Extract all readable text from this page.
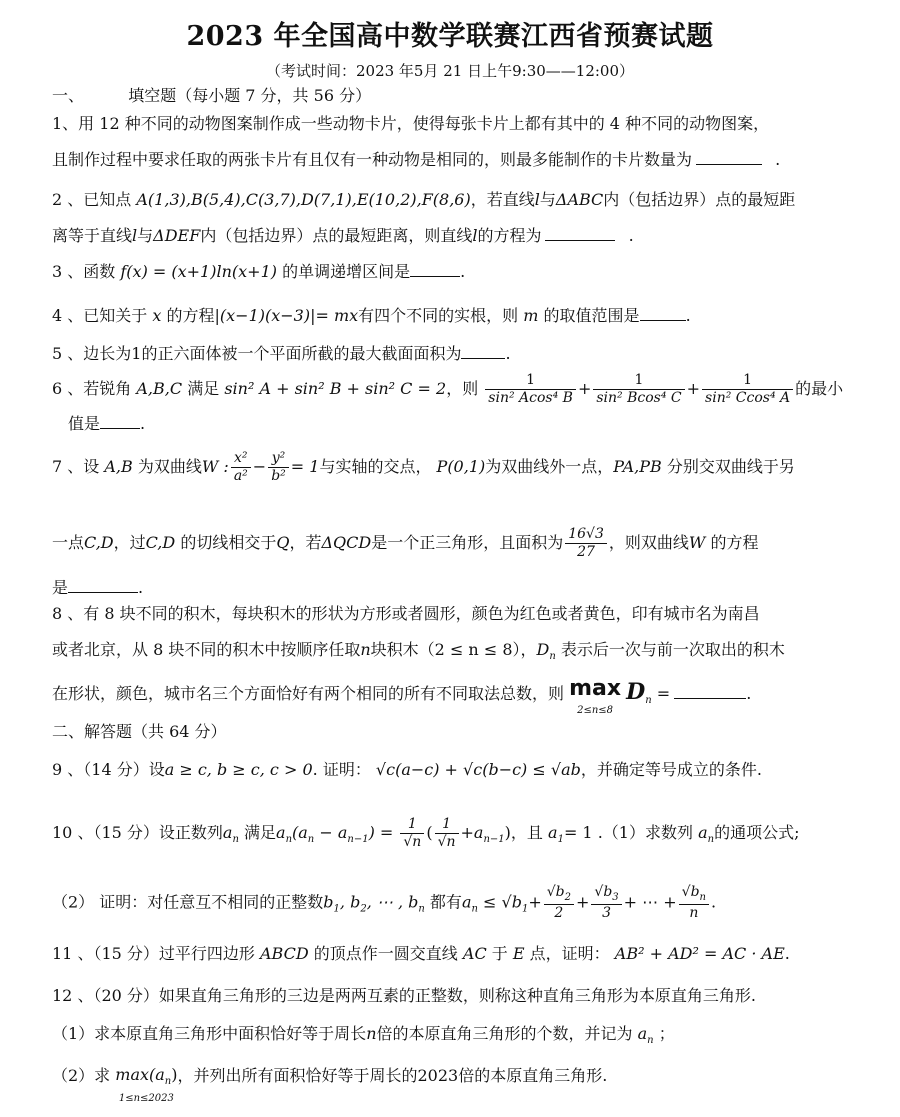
2023 年全国高中数学联赛江西省预赛试题
（考试时间：2023 年5月 21 日上午9:30——12:00）
一、	填空题（每小题 7 分，共 56 分）
1、用 12 种不同的动物图案制作成一些动物卡片，使得每张卡片上都有其中的 4 种不同的动物图案，
且制作过程中要求任取的两张卡片有且仅有一种动物是相同的，则最多能制作的卡片数量为	.
2 、已知点 A(1,3),B(5,4),C(3,7),D(7,1),E(10,2),F(8,6)，若直线l与ΔABC内（包括边界）点的最短距
离等于直线l与ΔDEF内（包括边界）点的最短距离，则直线l的方程为	.
3 、函数 f(x) = (x+1)ln(x+1) 的单调递增区间是	.
4 、已知关于 x 的方程|(x−1)(x−3)|= mx有四个不同的实根，则 m 的取值范围是	.
5 、边长为1的正六面体被一个平面所截的最大截面面积为	.
6 、若锐角 A,B,C 满足 sin² A + sin² B + sin² C = 2，则 $\frac{1}{\text{sin² Acos⁴ B}} + \frac{1}{\text{sin² Bcos⁴ C}} + \frac{1}{\text{sin² Ccos⁴ A}}$ 的最小
值是	.
7 、设 A,B 为双曲线W : $\frac{\text{x²}}{\text{a²}} - \frac{\text{y²}}{\text{b²}} = 1$与实轴的交点， P(0,1)为双曲线外一点，PA,PB 分别交双曲线于另
一点C,D，过C,D 的切线相交于Q，若ΔQCD是一个正三角形，且面积为 $\frac{16√3}{27}$ ，则双曲线W 的方程
是	.
8 、有 8 块不同的积木，每块积木的形状为方形或者圆形，颜色为红色或者黄色，印有城市名为南昌
或者北京，从 8 块不同的积木中按顺序任取n块积木（2 ≤ n ≤ 8），$D_n$ 表示后一次与前一次取出的积木
在形状，颜色，城市名三个方面恰好有两个相同的所有不同取法总数，则 max
2≤n≤8 $D_n$ =	.
二、解答题（共 64 分）
9 、（14 分）设a ≥ c, b ≥ c, c > 0. 证明： √c(a−c) + √c(b−c) ≤ √ab，并确定等号成立的条件.
10 、（15 分）设正数列$a_n$ 满足$a_n(a_n - a_{n-1}) = \frac{1}{√n}$ ( $\frac{1}{√n} +a_{n-1}$)，且 $a_1= 1$ .（1）求数列 $a_n$的通项公式;
（2） 证明：对任意互不相同的正整数$b_1$, $b_2$, ⋯ , $b_n$ 都有$a_n \le √b_1+ \frac{√b_2}{2} + \frac{√b_3}{3}$ + ⋯ + $\frac{√b_n}{n}$ .
11 、（15 分）过平行四边形 ABCD 的顶点作一圆交直线 AC 于 E 点，证明： AB² + AD² = AC · AE.
12 、（20 分）如果直角三角形的三边是两两互素的正整数，则称这种直角三角形为本原直角三角形.
（1）求本原直角三角形中面积恰好等于周长n倍的本原直角三角形的个数，并记为 $a_n$ ；
（2）求 $\max(a_n)$
1≤n≤2023，并列出所有面积恰好等于周长的2023倍的本原直角三角形.
